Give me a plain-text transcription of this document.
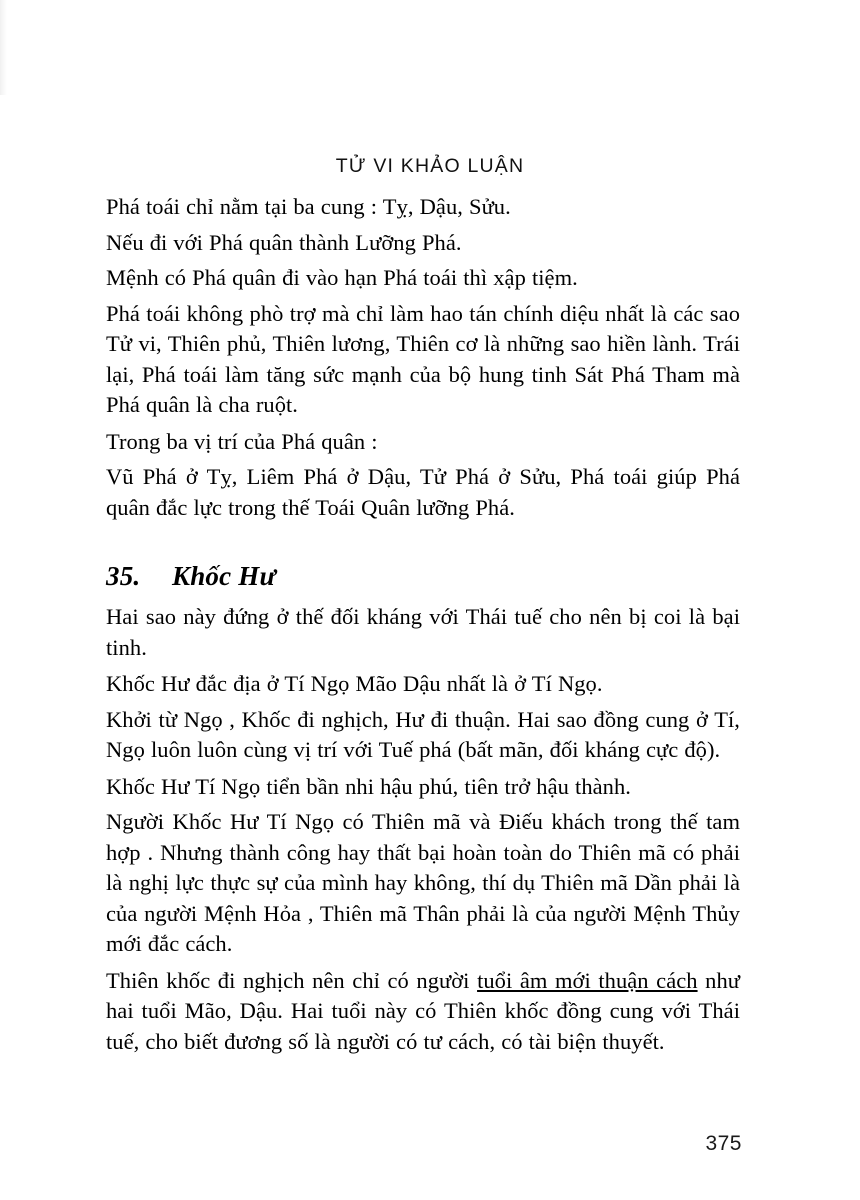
TỬ VI KHẢO LUẬN

Phá toái chỉ nằm tại ba cung : Tỵ, Dậu, Sửu.

Nếu đi với Phá quân thành Lưỡng Phá.

Mệnh có Phá quân đi vào hạn Phá toái thì xập tiệm.

Phá toái không phò trợ mà chỉ làm hao tán chính diệu nhất là các sao Tử vi, Thiên phủ, Thiên lương, Thiên cơ là những sao hiền lành. Trái lại, Phá toái làm tăng sức mạnh của bộ hung tinh Sát Phá Tham mà Phá quân là cha ruột.

Trong ba vị trí của Phá quân :

Vũ Phá ở Tỵ, Liêm Phá ở Dậu, Tử Phá ở Sửu, Phá toái giúp Phá quân đắc lực trong thế Toái Quân lưỡng Phá.

35. Khốc Hư

Hai sao này đứng ở thế đối kháng với Thái tuế cho nên bị coi là bại tinh.

Khốc Hư đắc địa ở Tí Ngọ Mão Dậu nhất là ở Tí Ngọ.

Khởi từ Ngọ , Khốc đi nghịch, Hư đi thuận. Hai sao đồng cung ở Tí, Ngọ luôn luôn cùng vị trí với Tuế phá (bất mãn, đối kháng cực độ).

Khốc Hư Tí Ngọ tiển bần nhi hậu phú, tiên trở hậu thành.

Người Khốc Hư Tí Ngọ có Thiên mã và Điếu khách trong thế tam hợp . Nhưng thành công hay thất bại hoàn toàn do Thiên mã có phải là nghị lực thực sự của mình hay không, thí dụ Thiên mã Dần phải là của người Mệnh Hỏa , Thiên mã Thân phải là của người Mệnh Thủy mới đắc cách.

Thiên khốc đi nghịch nên chỉ có người tuổi âm mới thuận cách như hai tuổi Mão, Dậu. Hai tuổi này có Thiên khốc đồng cung với Thái tuế, cho biết đương số là người có tư cách, có tài biện thuyết.

375
